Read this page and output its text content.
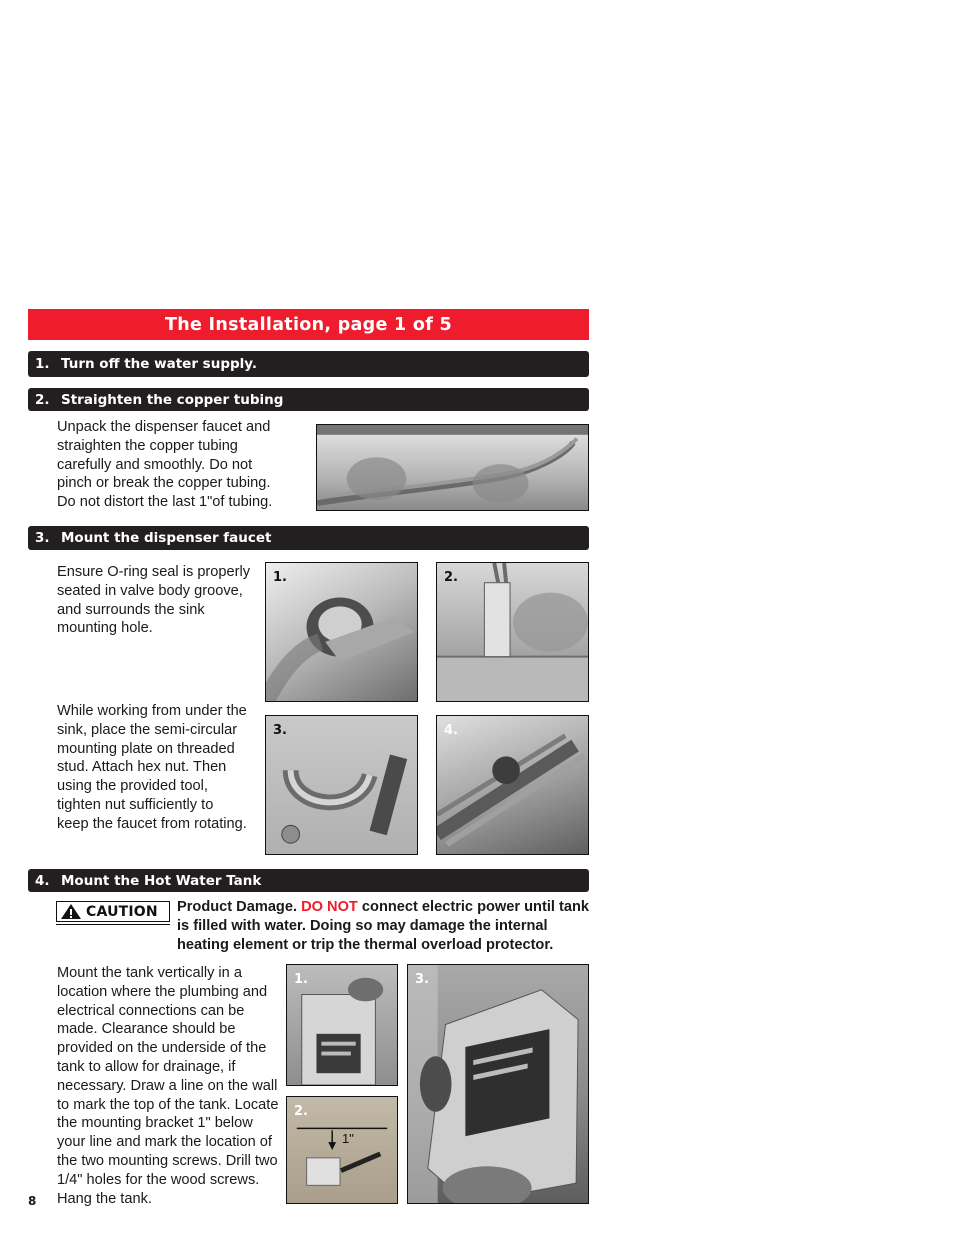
The Installation, page 1 of 5
1. Turn off the water supply.
2. Straighten the copper tubing
Unpack the dispenser faucet and straighten the copper tubing carefully and smoothly. Do not pinch or break the copper tubing. Do not distort the last 1"of tubing.
3. Mount the dispenser faucet
Ensure O-ring seal is properly seated in valve body groove, and surrounds the sink mounting hole.
While working from under the sink, place the semi-circular mounting plate on threaded stud. Attach hex nut. Then using the provided tool, tighten nut sufficiently to keep the faucet from rotating.
1.	2.
3.	4.
4. Mount the Hot Water Tank
CAUTION Product Damage. DO NOT connect electric power until tank is filled with water. Doing so may damage the internal heating element or trip the thermal overload protector.
Mount the tank vertically in a location where the plumbing and electrical connections can be made. Clearance should be provided on the underside of the tank to allow for drainage, if necessary. Draw a line on the wall to mark the top of the tank. Locate the mounting bracket 1" below your line and mark the location of the two mounting screws. Drill two 1/4" holes for the wood screws. Hang the tank.
1.
2.
1"
3.
8
